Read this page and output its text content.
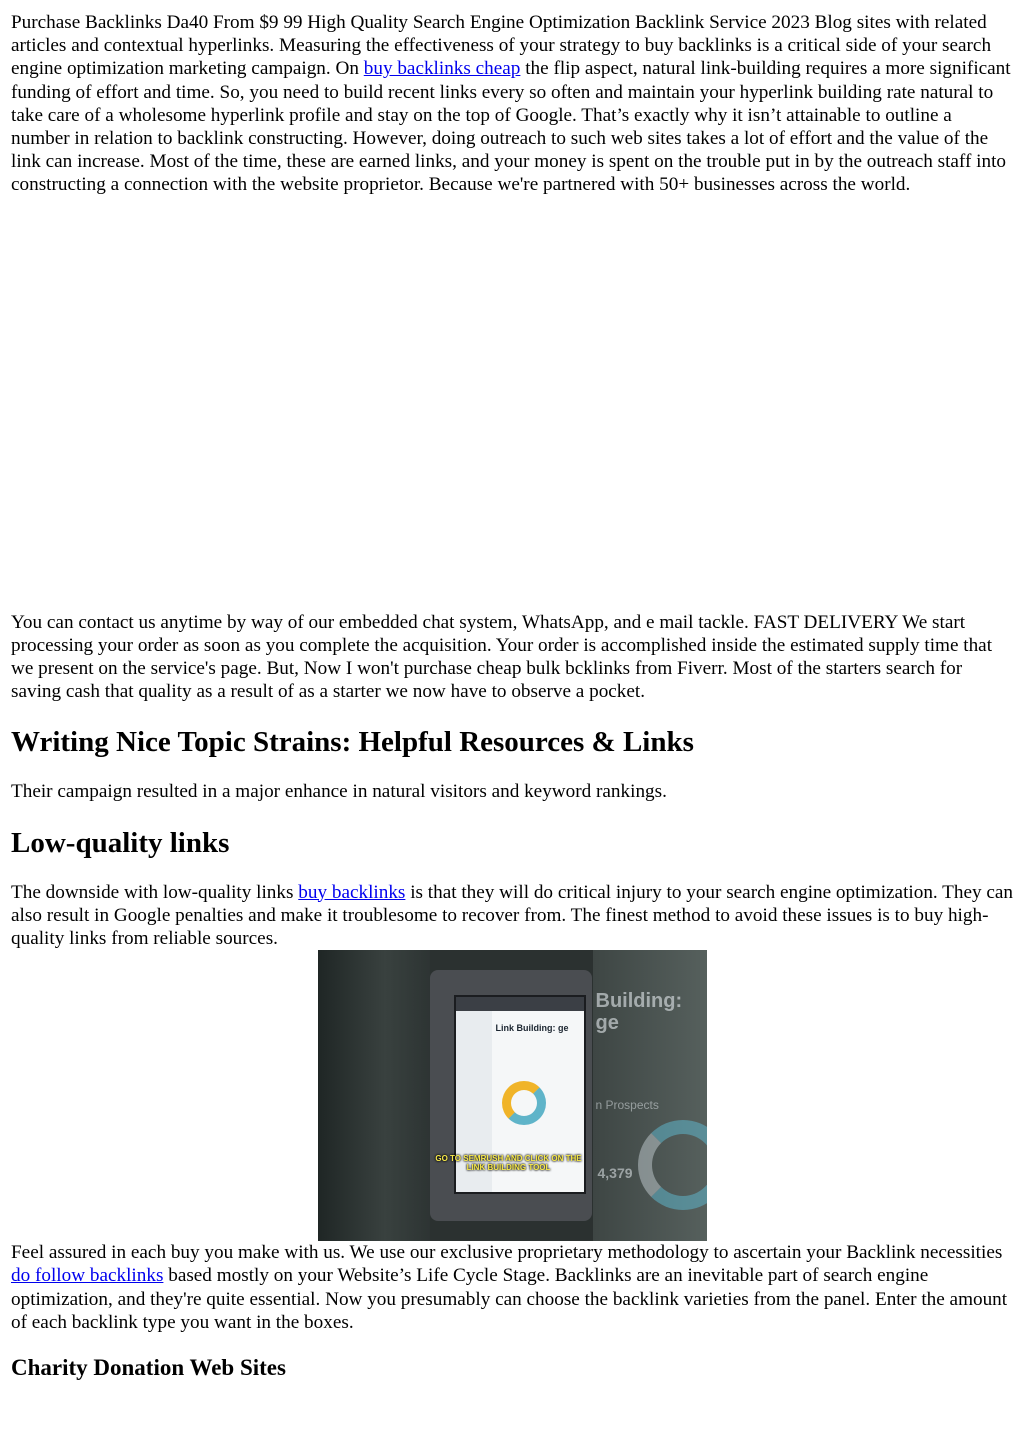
Purchase Backlinks Da40 From $9 99 High Quality Search Engine Optimization Backlink Service 2023 Blog sites with related articles and contextual hyperlinks. Measuring the effectiveness of your strategy to buy backlinks is a critical side of your search engine optimization marketing campaign. On buy backlinks cheap the flip aspect, natural link-building requires a more significant funding of effort and time. So, you need to build recent links every so often and maintain your hyperlink building rate natural to take care of a wholesome hyperlink profile and stay on the top of Google. That’s exactly why it isn’t attainable to outline a number in relation to backlink constructing. However, doing outreach to such web sites takes a lot of effort and the value of the link can increase. Most of the time, these are earned links, and your money is spent on the trouble put in by the outreach staff into constructing a connection with the website proprietor. Because we're partnered with 50+ businesses across the world.

You can contact us anytime by way of our embedded chat system, WhatsApp, and e mail tackle. FAST DELIVERY We start processing your order as soon as you complete the acquisition. Your order is accomplished inside the estimated supply time that we present on the service's page. But, Now I won't purchase cheap bulk bcklinks from Fiverr. Most of the starters search for saving cash that quality as a result of as a starter we now have to observe a pocket.

Writing Nice Topic Strains: Helpful Resources & Links

Their campaign resulted in a major enhance in natural visitors and keyword rankings.

Low-quality links

The downside with low-quality links buy backlinks is that they will do critical injury to your search engine optimization. They can also result in Google penalties and make it troublesome to recover from. The finest method to avoid these issues is to buy high-quality links from reliable sources.

Building: ge
n Prospects
4,379
Link Building: ge
GO TO SEMRUSH AND CLICK ON THE LINK BUILDING TOOL

Feel assured in each buy you make with us. We use our exclusive proprietary methodology to ascertain your Backlink necessities do follow backlinks based mostly on your Website’s Life Cycle Stage. Backlinks are an inevitable part of search engine optimization, and they're quite essential. Now you presumably can choose the backlink varieties from the panel. Enter the amount of each backlink type you want in the boxes.

Charity Donation Web Sites
